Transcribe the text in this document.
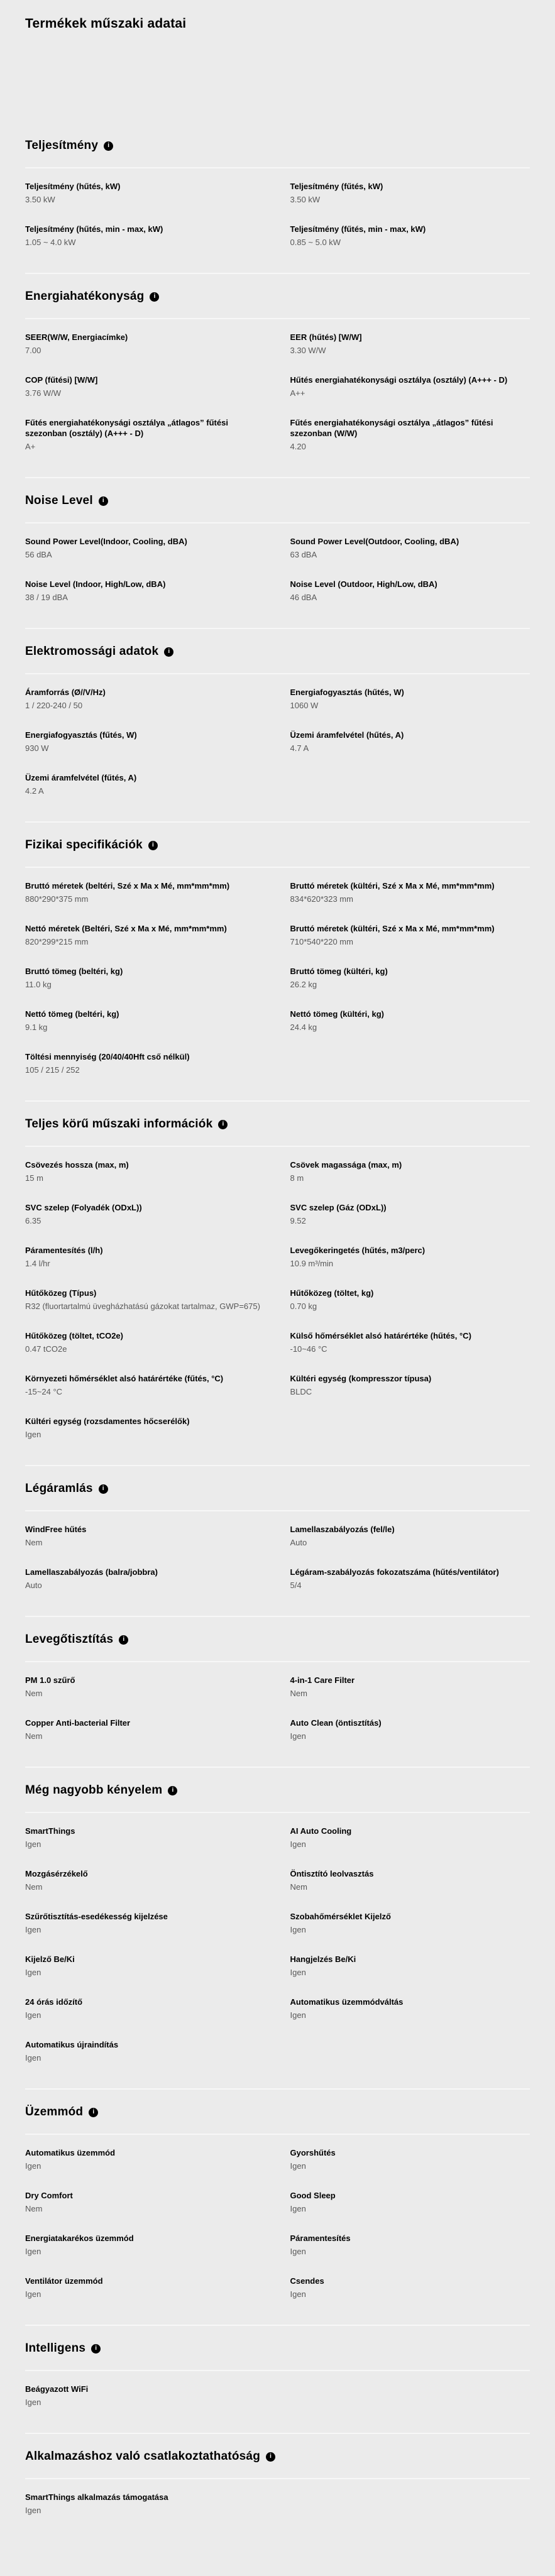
Termékek műszaki adatai
Teljesítmény	i
Teljesítmény (hűtés, kW)
3.50 kW
Teljesítmény (fűtés, kW)
3.50 kW
Teljesítmény (hűtés, min - max, kW)
1.05 ~ 4.0 kW
Teljesítmény (fűtés, min - max, kW)
0.85 ~ 5.0 kW
Energiahatékonyság	i
SEER(W/W, Energiacímke)
7.00
EER (hűtés) [W/W]
3.30 W/W
COP (fűtési) [W/W]
3.76 W/W
Hűtés energiahatékonysági osztálya (osztály) (A+++ - D)
A++
Fűtés energiahatékonysági osztálya „átlagos” fűtési szezonban (osztály) (A+++ - D)
A+
Fűtés energiahatékonysági osztálya „átlagos” fűtési szezonban (W/W)
4.20
Noise Level	i
Sound Power Level(Indoor, Cooling, dBA)
56 dBA
Sound Power Level(Outdoor, Cooling, dBA)
63 dBA
Noise Level (Indoor, High/Low, dBA)
38 / 19 dBA
Noise Level (Outdoor, High/Low, dBA)
46 dBA
Elektromossági adatok	i
Áramforrás (Ø//V/Hz)
1 / 220-240 / 50
Energiafogyasztás (hűtés, W)
1060 W
Energiafogyasztás (fűtés, W)
930 W
Üzemi áramfelvétel (hűtés, A)
4.7 A
Üzemi áramfelvétel (fűtés, A)
4.2 A
Fizikai specifikációk	i
Bruttó méretek (beltéri, Szé x Ma x Mé, mm*mm*mm)
880*290*375 mm
Bruttó méretek (kültéri, Szé x Ma x Mé, mm*mm*mm)
834*620*323 mm
Nettó méretek (Beltéri, Szé x Ma x Mé, mm*mm*mm)
820*299*215 mm
Bruttó méretek (kültéri, Szé x Ma x Mé, mm*mm*mm)
710*540*220 mm
Bruttó tömeg (beltéri, kg)
11.0 kg
Bruttó tömeg (kültéri, kg)
26.2 kg
Nettó tömeg (beltéri, kg)
9.1 kg
Nettó tömeg (kültéri, kg)
24.4 kg
Töltési mennyiség (20/40/40Hft cső nélkül)
105 / 215 / 252
Teljes körű műszaki információk	i
Csövezés hossza (max, m)
15 m
Csövek magassága (max, m)
8 m
SVC szelep (Folyadék (ODxL))
6.35
SVC szelep (Gáz (ODxL))
9.52
Páramentesítés (l/h)
1.4 l/hr
Levegőkeringetés (hűtés, m3/perc)
10.9 m³/min
Hűtőközeg (Típus)
R32 (fluortartalmú üvegházhatású gázokat tartalmaz, GWP=675)
Hűtőközeg (töltet, kg)
0.70 kg
Hűtőközeg (töltet, tCO2e)
0.47 tCO2e
Külső hőmérséklet alsó határértéke (hűtés, °C)
-10~46 °C
Környezeti hőmérséklet alsó határértéke (fűtés, °C)
-15~24 °C
Kültéri egység (kompresszor típusa)
BLDC
Kültéri egység (rozsdamentes hőcserélők)
Igen
Légáramlás	i
WindFree hűtés
Nem
Lamellaszabályozás (fel/le)
Auto
Lamellaszabályozás (balra/jobbra)
Auto
Légáram-szabályozás fokozatszáma (hűtés/ventilátor)
5/4
Levegőtisztítás	i
PM 1.0 szűrő
Nem
4-in-1 Care Filter
Nem
Copper Anti-bacterial Filter
Nem
Auto Clean (öntisztítás)
Igen
Még nagyobb kényelem	i
SmartThings
Igen
AI Auto Cooling
Igen
Mozgásérzékelő
Nem
Öntisztító leolvasztás
Nem
Szűrőtisztítás-esedékesség kijelzése
Igen
Szobahőmérséklet Kijelző
Igen
Kijelző Be/Ki
Igen
Hangjelzés Be/Ki
Igen
24 órás időzítő
Igen
Automatikus üzemmódváltás
Igen
Automatikus újraindítás
Igen
Üzemmód	i
Automatikus üzemmód
Igen
Gyorshűtés
Igen
Dry Comfort
Nem
Good Sleep
Igen
Energiatakarékos üzemmód
Igen
Páramentesítés
Igen
Ventilátor üzemmód
Igen
Csendes
Igen
Intelligens	i
Beágyazott WiFi
Igen
Alkalmazáshoz való csatlakoztathatóság	i
SmartThings alkalmazás támogatása
Igen
